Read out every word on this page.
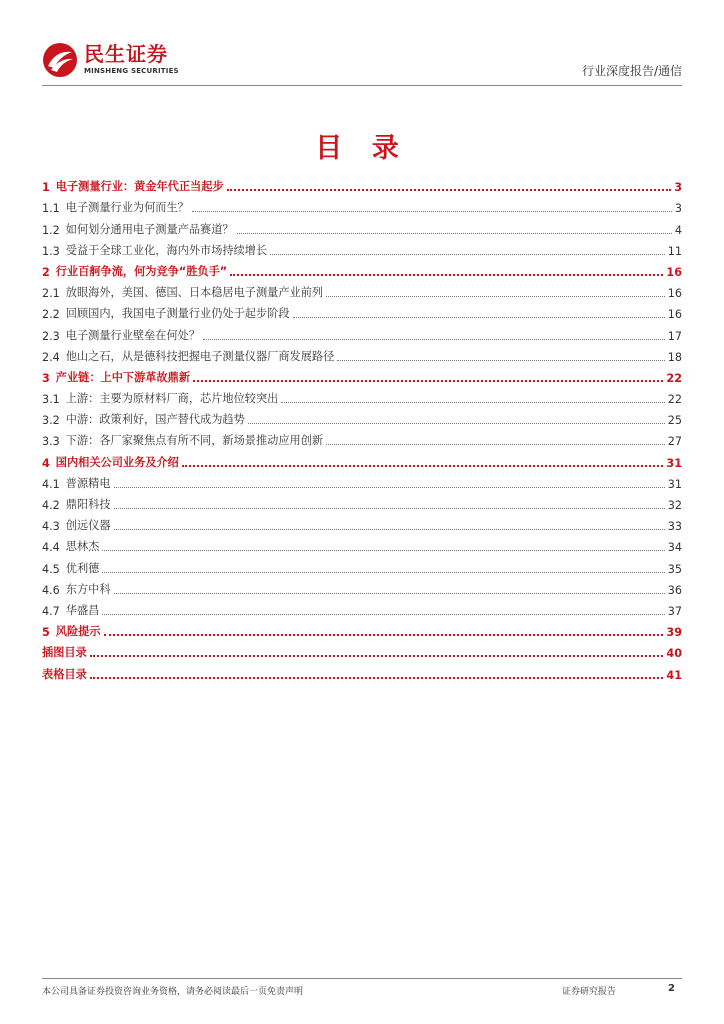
民生证券
MINSHENG SECURITIES	行业深度报告/通信
目 录
1 电子测量行业：黄金年代正当起步	3
1.1 电子测量行业为何而生？	3
1.2 如何划分通用电子测量产品赛道？	4
1.3 受益于全球工业化，海内外市场持续增长	11
2 行业百舸争流，何为竞争“胜负手”	16
2.1 放眼海外，美国、德国、日本稳居电子测量产业前列	16
2.2 回顾国内，我国电子测量行业仍处于起步阶段	16
2.3 电子测量行业壁垒在何处？	17
2.4 他山之石，从是德科技把握电子测量仪器厂商发展路径	18
3 产业链：上中下游革故鼎新	22
3.1 上游：主要为原材料厂商，芯片地位较突出	22
3.2 中游：政策利好，国产替代成为趋势	25
3.3 下游：各厂家聚焦点有所不同，新场景推动应用创新	27
4 国内相关公司业务及介绍	31
4.1 普源精电	31
4.2 鼎阳科技	32
4.3 创远仪器	33
4.4 思林杰	34
4.5 优利德	35
4.6 东方中科	36
4.7 华盛昌	37
5 风险提示	39
插图目录	40
表格目录	41
本公司具备证券投资咨询业务资格，请务必阅读最后一页免责声明	证券研究报告	2
